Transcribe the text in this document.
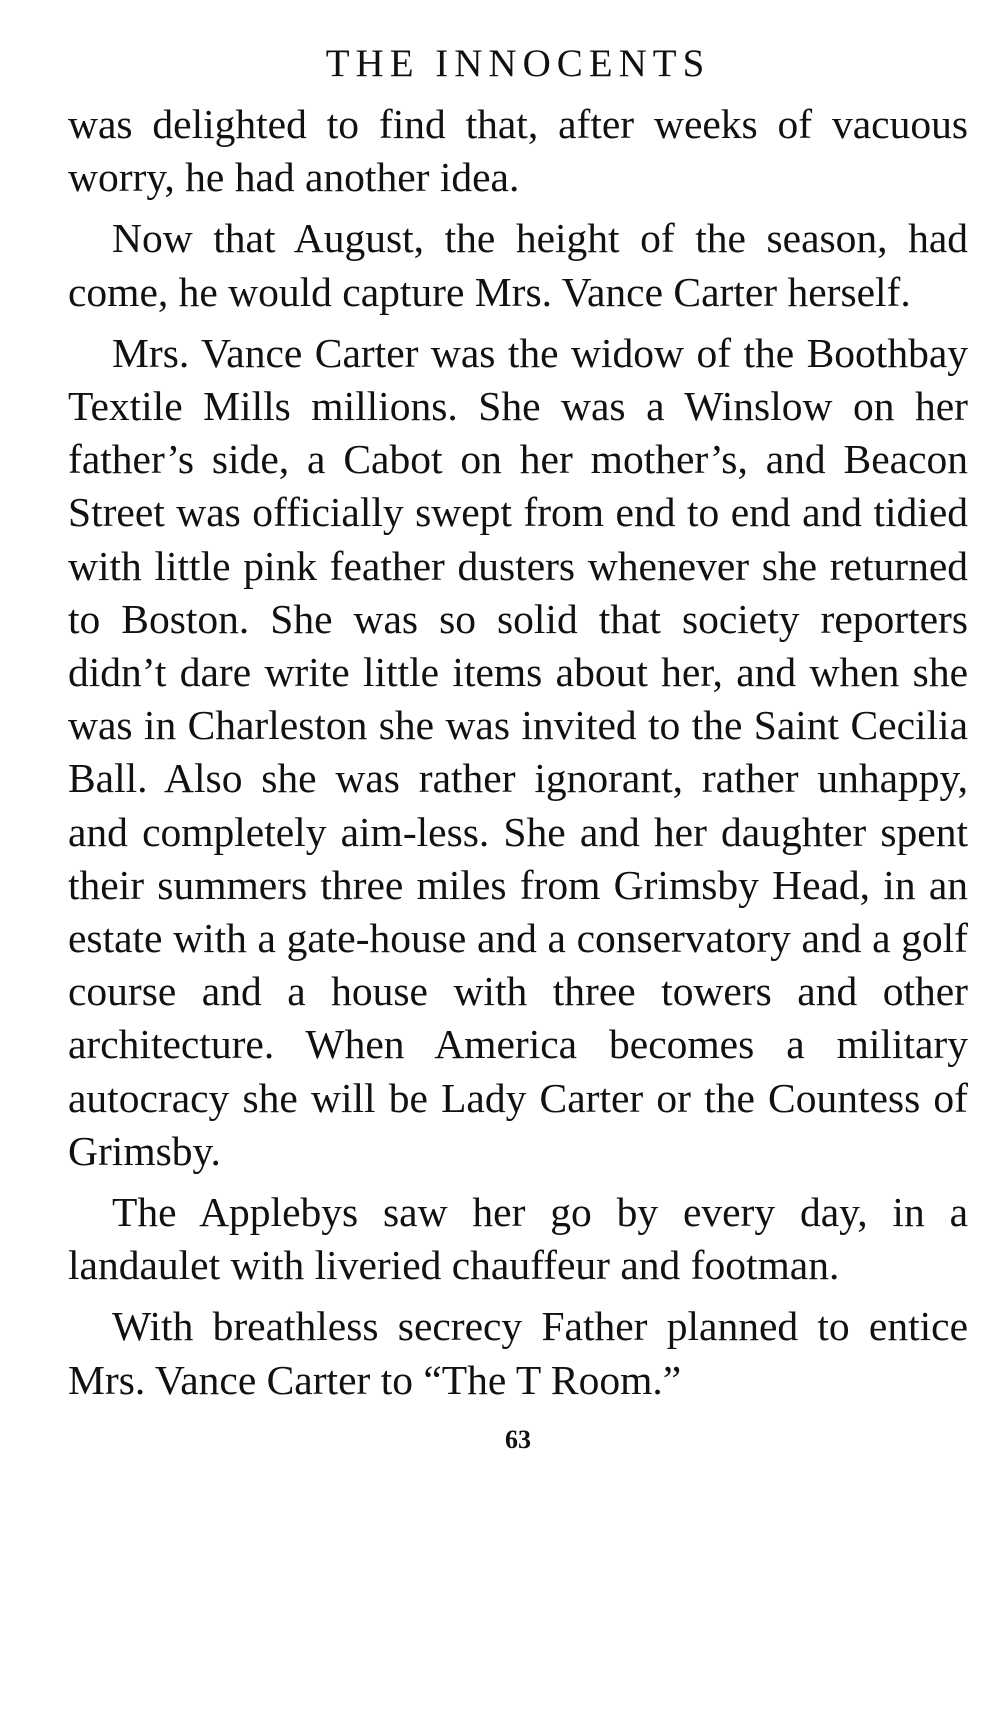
THE INNOCENTS

was delighted to find that, after weeks of vacuous worry, he had another idea.

Now that August, the height of the season, had come, he would capture Mrs. Vance Carter herself.

Mrs. Vance Carter was the widow of the Boothbay Textile Mills millions. She was a Winslow on her father’s side, a Cabot on her mother’s, and Beacon Street was officially swept from end to end and tidied with little pink feather dusters whenever she returned to Boston. She was so solid that society reporters didn’t dare write little items about her, and when she was in Charleston she was invited to the Saint Cecilia Ball. Also she was rather ignorant, rather unhappy, and completely aim-less. She and her daughter spent their summers three miles from Grimsby Head, in an estate with a gate-house and a conservatory and a golf course and a house with three towers and other architecture. When America becomes a military autocracy she will be Lady Carter or the Countess of Grimsby.

The Applebys saw her go by every day, in a landaulet with liveried chauffeur and footman.

With breathless secrecy Father planned to entice Mrs. Vance Carter to “The T Room.”

63
